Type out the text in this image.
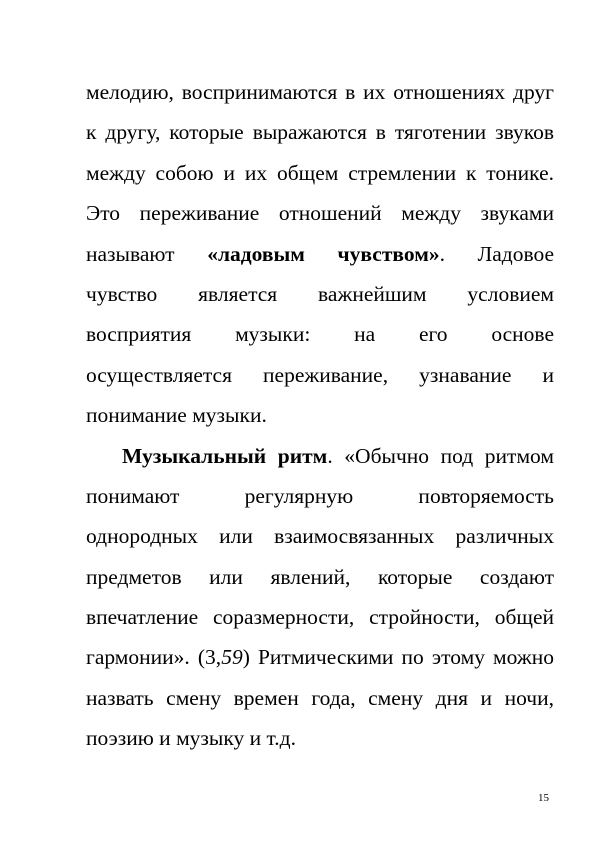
мелодию, воспринимаются в их отношениях друг
к другу, которые выражаются в тяготении звуков
между собою и их общем стремлении к тонике.
Это переживание отношений между звуками
называют «ладовым чувством». Ладовое
чувство является важнейшим условием
восприятия музыки: на его основе
осуществляется переживание, узнавание и
понимание музыки.
Музыкальный ритм. «Обычно под ритмом
понимают регулярную повторяемость
однородных или взаимосвязанных различных
предметов или явлений, которые создают
впечатление соразмерности, стройности, общей
гармонии». (3,59) Ритмическими по этому можно
назвать смену времен года, смену дня и ночи,
поэзию и музыку и т.д.
15
